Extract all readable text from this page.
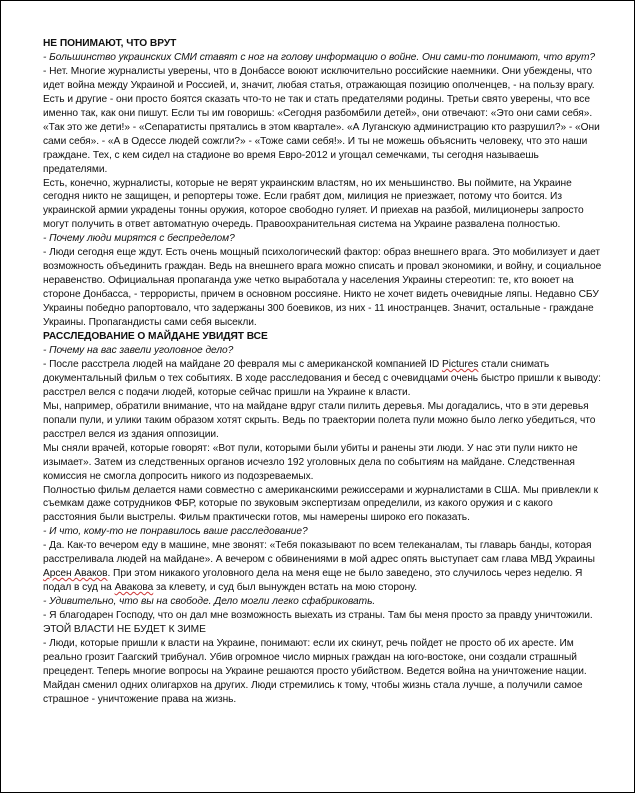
НЕ ПОНИМАЮТ, ЧТО ВРУТ

- Большинство украинских СМИ ставят с ног на голову информацию о войне. Они сами-то понимают, что врут?

- Нет. Многие журналисты уверены, что в Донбассе воюют исключительно российские наемники. Они убеждены, что идет война между Украиной и Россией, и, значит, любая статья, отражающая позицию ополченцев, - на пользу врагу. Есть и другие - они просто боятся сказать что-то не так и стать предателями родины. Третьи свято уверены, что все именно так, как они пишут. Если ты им говоришь: «Сегодня разбомбили детей», они отвечают: «Это они сами себя». «Так это же дети!» - «Сепаратисты прятались в этом квартале». «А Луганскую администрацию кто разрушил?» - «Они сами себя». - «А в Одессе людей сожгли?» - «Тоже сами себя!». И ты не можешь объяснить человеку, что это наши граждане. Тех, с кем сидел на стадионе во время Евро-2012 и угощал семечками, ты сегодня называешь предателями.

Есть, конечно, журналисты, которые не верят украинским властям, но их меньшинство. Вы поймите, на Украине сегодня никто не защищен, и репортеры тоже. Если грабят дом, милиция не приезжает, потому что боится. Из украинской армии украдены тонны оружия, которое свободно гуляет. И приехав на разбой, милиционеры запросто могут получить в ответ автоматную очередь. Правоохранительная система на Украине развалена полностью.

- Почему люди мирятся с беспределом?

- Люди сегодня еще ждут. Есть очень мощный психологический фактор: образ внешнего врага. Это мобилизует и дает возможность объединить граждан. Ведь на внешнего врага можно списать и провал экономики, и войну, и социальное неравенство. Официальная пропаганда уже четко выработала у населения Украины стереотип: те, кто воюет на стороне Донбасса, - террористы, причем в основном россияне. Никто не хочет видеть очевидные ляпы. Недавно СБУ Украины победно рапортовало, что задержаны 300 боевиков, из них - 11 иностранцев. Значит, остальные - граждане Украины. Пропагандисты сами себя высекли.

РАССЛЕДОВАНИЕ О МАЙДАНЕ УВИДЯТ ВСЕ

- Почему на вас завели уголовное дело?

- После расстрела людей на майдане 20 февраля мы с американской компанией ID Pictures стали снимать документальный фильм о тех событиях. В ходе расследования и бесед с очевидцами очень быстро пришли к выводу: расстрел велся с подачи людей, которые сейчас пришли на Украине к власти.

Мы, например, обратили внимание, что на майдане вдруг стали пилить деревья. Мы догадались, что в эти деревья попали пули, и улики таким образом хотят скрыть. Ведь по траектории полета пули можно было легко убедиться, что расстрел велся из здания оппозиции.

Мы сняли врачей, которые говорят: «Вот пули, которыми были убиты и ранены эти люди. У нас эти пули никто не изымает». Затем из следственных органов исчезло 192 уголовных дела по событиям на майдане. Следственная комиссия не смогла допросить никого из подозреваемых.

Полностью фильм делается нами совместно с американскими режиссерами и журналистами в США. Мы привлекли к съемкам даже сотрудников ФБР, которые по звуковым экспертизам определили, из какого оружия и с какого расстояния были выстрелы. Фильм практически готов, мы намерены широко его показать.

- И что, кому-то не понравилось ваше расследование?

- Да. Как-то вечером еду в машине, мне звонят: «Тебя показывают по всем телеканалам, ты главарь банды, которая расстреливала людей на майдане». А вечером с обвинениями в мой адрес опять выступает сам глава МВД Украины Арсен Аваков. При этом никакого уголовного дела на меня еще не было заведено, это случилось через неделю. Я подал в суд на Авакова за клевету, и суд был вынужден встать на мою сторону.

- Удивительно, что вы на свободе. Дело могли легко сфабриковать.

- Я благодарен Господу, что он дал мне возможность выехать из страны. Там бы меня просто за правду уничтожили.

ЭТОЙ ВЛАСТИ НЕ БУДЕТ К ЗИМЕ

- Люди, которые пришли к власти на Украине, понимают: если их скинут, речь пойдет не просто об их аресте. Им реально грозит Гаагский трибунал. Убив огромное число мирных граждан на юго-востоке, они создали страшный прецедент. Теперь многие вопросы на Украине решаются просто убийством. Ведется война на уничтожение нации. Майдан сменил одних олигархов на других. Люди стремились к тому, чтобы жизнь стала лучше, а получили самое страшное - уничтожение права на жизнь.
